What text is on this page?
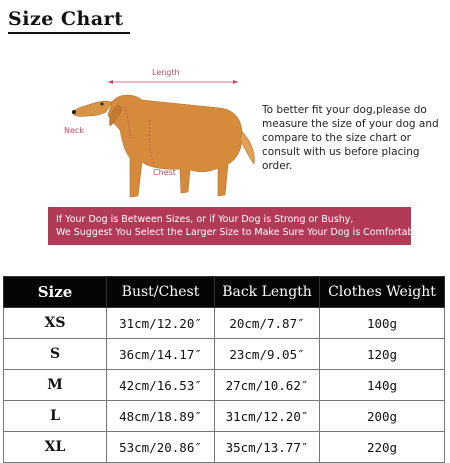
Size Chart
Length
Neck
Chest
To better fit your dog,please do measure the size of your dog and compare to the size chart or consult with us before placing order.
If Your Dog is Between Sizes, or if Your Dog is Strong or Bushy,
We Suggest You Select the Larger Size to Make Sure Your Dog is Comfortable.
Size	Bust/Chest	Back Length	Clothes Weight
XS	31cm/12.20″	20cm/7.87″	100g
S	36cm/14.17″	23cm/9.05″	120g
M	42cm/16.53″	27cm/10.62″	140g
L	48cm/18.89″	31cm/12.20″	200g
XL	53cm/20.86″	35cm/13.77″	220g
